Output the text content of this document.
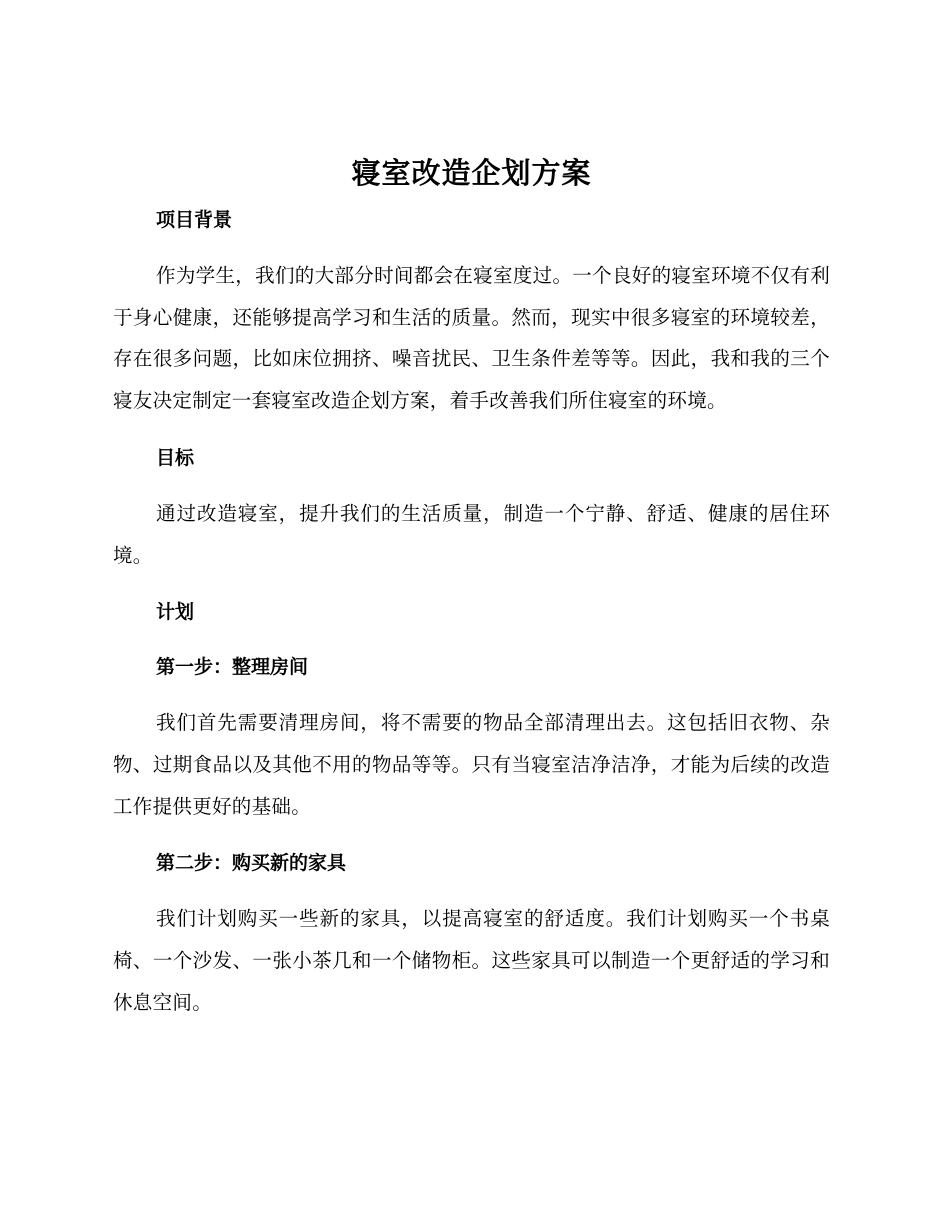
寝室改造企划方案
项目背景

作为学生，我们的大部分时间都会在寝室度过。一个良好的寝室环境不仅有利于身心健康，还能够提高学习和生活的质量。然而，现实中很多寝室的环境较差，存在很多问题，比如床位拥挤、噪音扰民、卫生条件差等等。因此，我和我的三个寝友决定制定一套寝室改造企划方案，着手改善我们所住寝室的环境。

目标

通过改造寝室，提升我们的生活质量，制造一个宁静、舒适、健康的居住环境。

计划
第一步：整理房间

我们首先需要清理房间，将不需要的物品全部清理出去。这包括旧衣物、杂物、过期食品以及其他不用的物品等等。只有当寝室洁净洁净，才能为后续的改造工作提供更好的基础。

第二步：购买新的家具

我们计划购买一些新的家具，以提高寝室的舒适度。我们计划购买一个书桌椅、一个沙发、一张小茶几和一个储物柜。这些家具可以制造一个更舒适的学习和休息空间。
